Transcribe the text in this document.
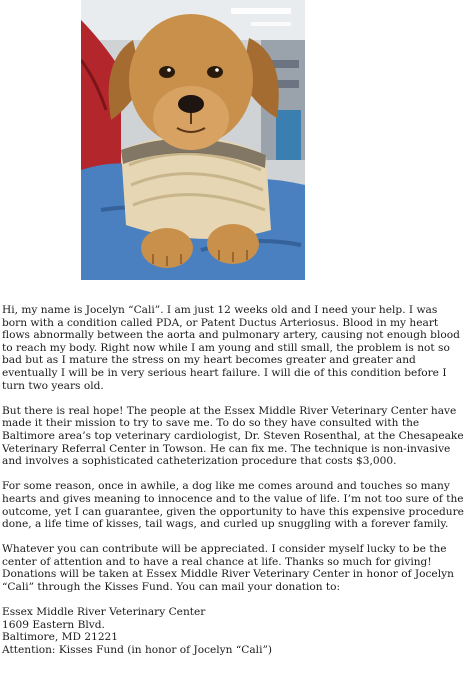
Hi, my name is Jocelyn “Cali”. I am just 12 weeks old and I need your help. I was born with a condition called PDA, or Patent Ductus Arteriosus. Blood in my heart flows abnormally between the aorta and pulmonary artery, causing not enough blood to reach my body. Right now while I am young and still small, the problem is not so bad but as I mature the stress on my heart becomes greater and greater and eventually I will be in very serious heart failure. I will die of this condition before I turn two years old.

But there is real hope! The people at the Essex Middle River Veterinary Center have made it their mission to try to save me. To do so they have consulted with the Baltimore area’s top veterinary cardiologist, Dr. Steven Rosenthal, at the Chesapeake Veterinary Referral Center in Towson. He can fix me. The technique is non-invasive and involves a sophisticated catheterization procedure that costs $3,000.

For some reason, once in awhile, a dog like me comes around and touches so many hearts and gives meaning to innocence and to the value of life. I’m not too sure of the outcome, yet I can guarantee, given the opportunity to have this expensive procedure done, a life time of kisses, tail wags, and curled up snuggling with a forever family.

Whatever you can contribute will be appreciated. I consider myself lucky to be the center of attention and to have a real chance at life. Thanks so much for giving! Donations will be taken at Essex Middle River Veterinary Center in honor of Jocelyn “Cali” through the Kisses Fund. You can mail your donation to:

Essex Middle River Veterinary Center
1609 Eastern Blvd.
Baltimore, MD 21221
Attention: Kisses Fund (in honor of Jocelyn “Cali”)
